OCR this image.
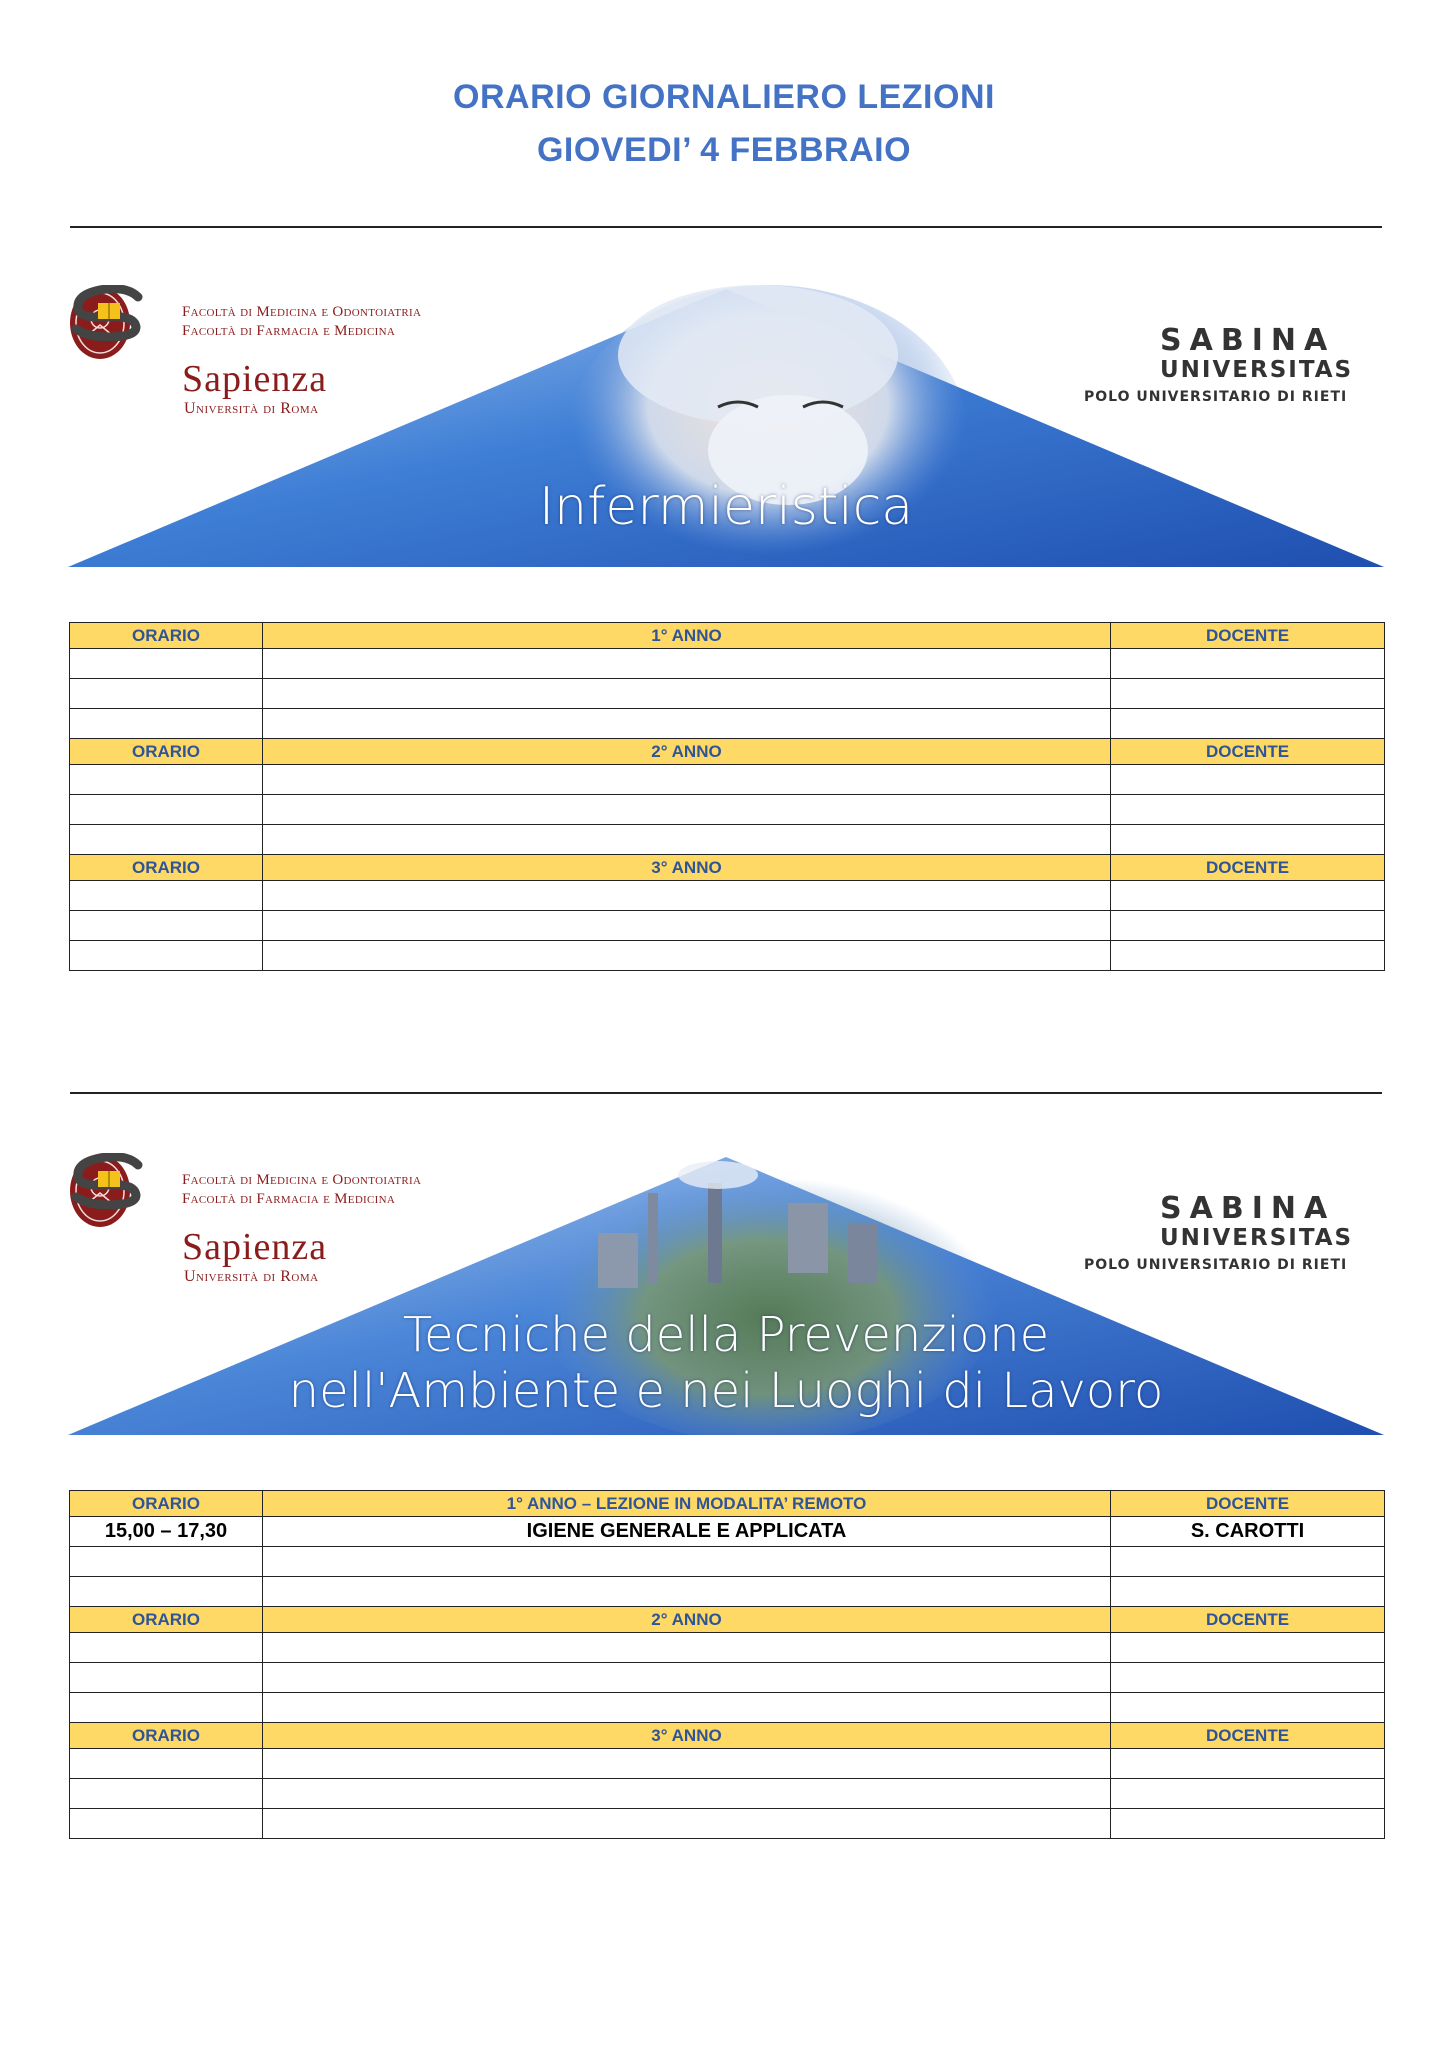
ORARIO GIORNALIERO LEZIONI
GIOVEDI’ 4 FEBBRAIO
Facoltà di Medicina e Odontoiatria
Facoltà di Farmacia e Medicina
Sapienza
Università di Roma
SABINA
UNIVERSITAS
POLO UNIVERSITARIO DI RIETI
Infermieristica
ORARIO	1° ANNO	DOCENTE

ORARIO	2° ANNO	DOCENTE

ORARIO	3° ANNO	DOCENTE

Facoltà di Medicina e Odontoiatria
Facoltà di Farmacia e Medicina
Sapienza
Università di Roma
SABINA
UNIVERSITAS
POLO UNIVERSITARIO DI RIETI
Tecniche della Prevenzione
nell'Ambiente e nei Luoghi di Lavoro
ORARIO	1° ANNO – LEZIONE IN MODALITA’ REMOTO	DOCENTE
15,00 – 17,30	IGIENE GENERALE E APPLICATA	S. CAROTTI

ORARIO	2° ANNO	DOCENTE

ORARIO	3° ANNO	DOCENTE
